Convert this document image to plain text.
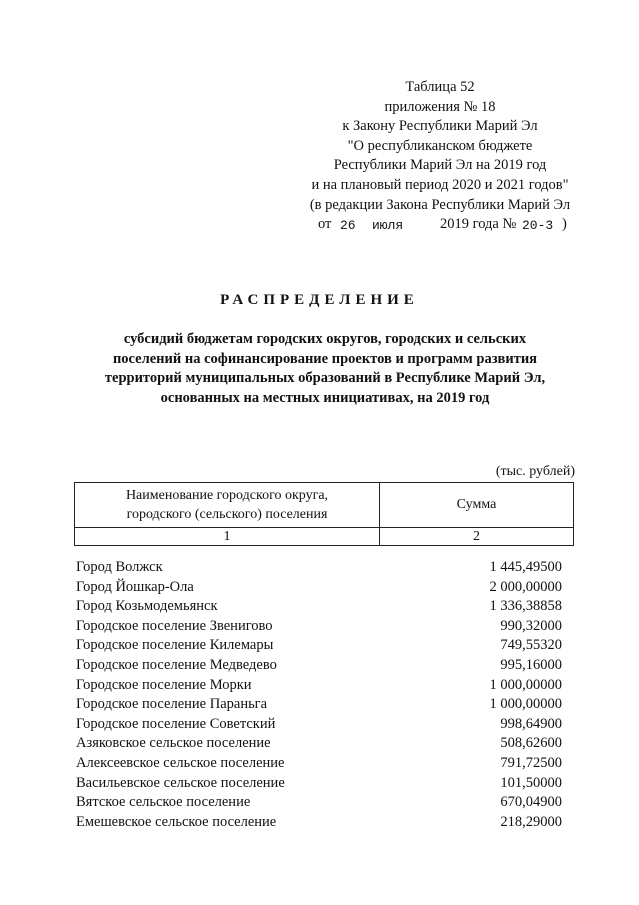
Таблица 52
приложения № 18
к Закону Республики Марий Эл
"О республиканском бюджете
Республики Марий Эл на 2019 год
и на плановый период 2020 и 2021 годов"
(в редакции Закона Республики Марий Эл
от 26 июля	2019 года № 20-3 )
РАСПРЕДЕЛЕНИЕ
субсидий бюджетам городских округов, городских и сельских
поселений на софинансирование проектов и программ развития
территорий муниципальных образований в Республике Марий Эл,
основанных на местных инициативах, на 2019 год
(тыс. рублей)
Наименование городского округа,
городского (сельского) поселения	Сумма
1	2
Город Волжск	1 445,49500
Город Йошкар-Ола	2 000,00000
Город Козьмодемьянск	1 336,38858
Городское поселение Звенигово	990,32000
Городское поселение Килемары	749,55320
Городское поселение Медведево	995,16000
Городское поселение Морки	1 000,00000
Городское поселение Параньга	1 000,00000
Городское поселение Советский	998,64900
Азяковское сельское поселение	508,62600
Алексеевское сельское поселение	791,72500
Васильевское сельское поселение	101,50000
Вятское сельское поселение	670,04900
Емешевское сельское поселение	218,29000
